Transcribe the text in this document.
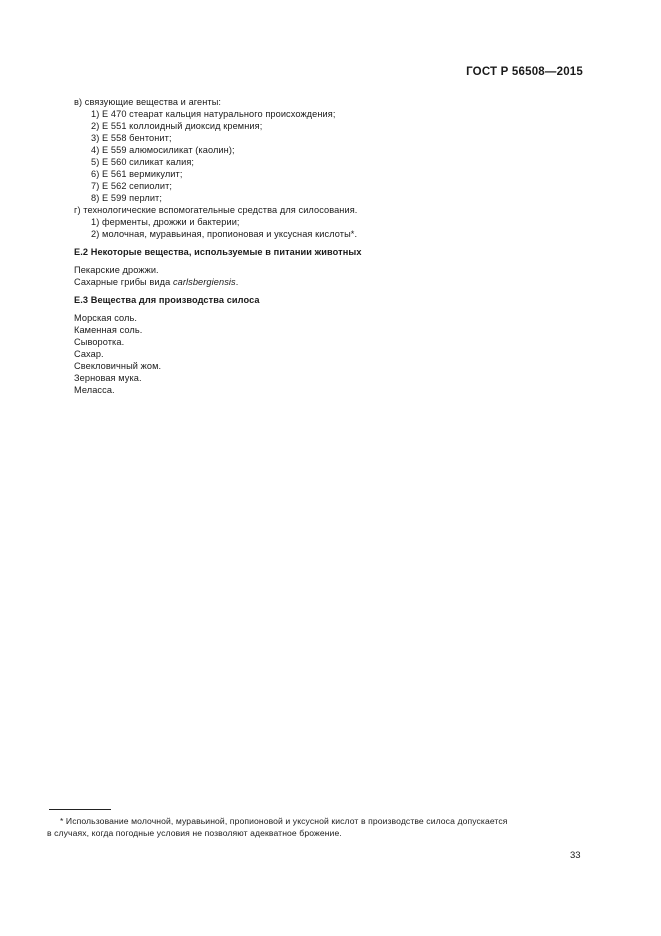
ГОСТ Р 56508—2015
в) связующие вещества и агенты:
1) Е 470 стеарат кальция натурального происхождения;
2) Е 551 коллоидный диоксид кремния;
3) Е 558 бентонит;
4) Е 559 алюмосиликат (каолин);
5) Е 560 силикат калия;
6) Е 561 вермикулит;
7) Е 562 сепиолит;
8) Е 599 перлит;
г) технологические вспомогательные средства для силосования.
1) ферменты, дрожжи и бактерии;
2) молочная, муравьиная, пропионовая и уксусная кислоты*.
Е.2 Некоторые вещества, используемые в питании животных
Пекарские дрожжи.
Сахарные грибы вида carlsbergiensis.
Е.3 Вещества для производства силоса
Морская соль.
Каменная соль.
Сыворотка.
Сахар.
Свекловичный жом.
Зерновая мука.
Меласса.
* Использование молочной, муравьиной, пропионовой и уксусной кислот в производстве силоса допускается
в случаях, когда погодные условия не позволяют адекватное брожение.
33
